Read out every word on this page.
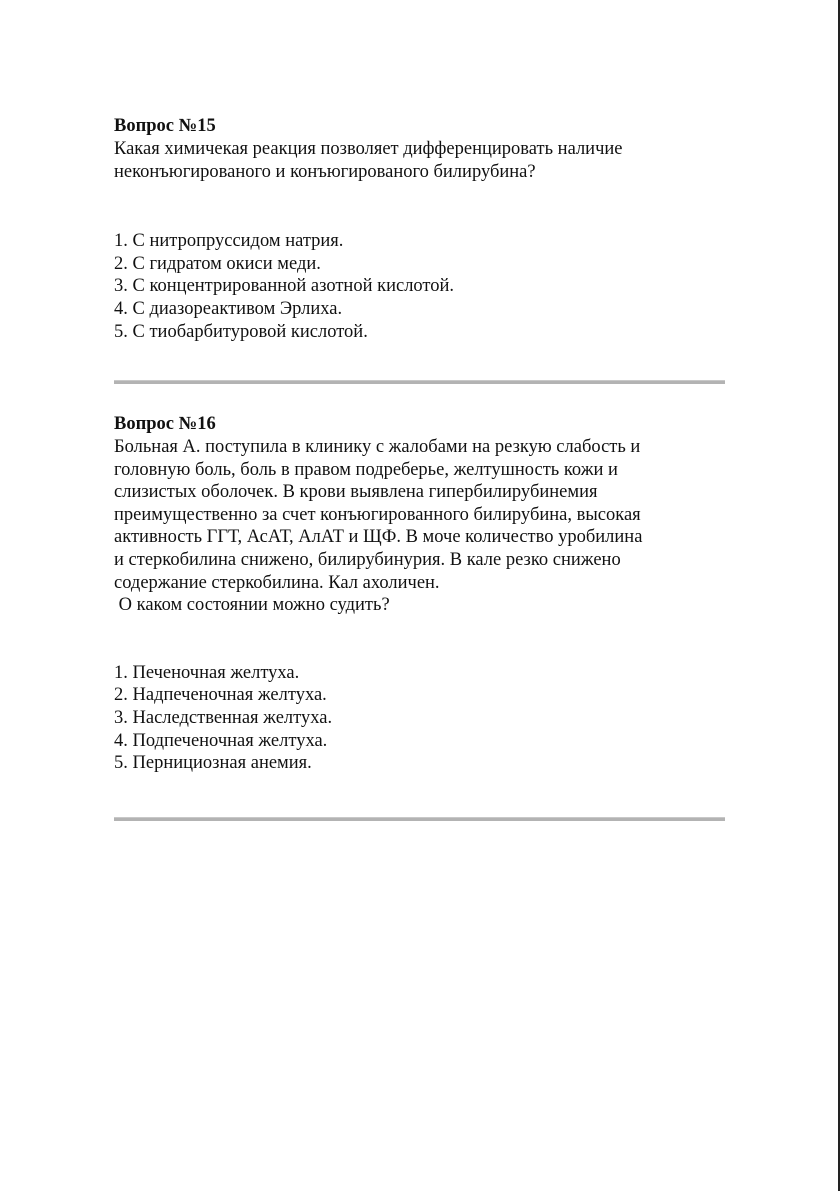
Вопрос №15

Какая химичекая реакция позволяет дифференцировать наличие
неконъюгированого и конъюгированого билирубина?

1. С нитропруссидом натрия.
2. С гидратом окиси меди.
3. С концентрированной азотной кислотой.
4. С диазореактивом Эрлиха.
5. С тиобарбитуровой кислотой.

Вопрос №16

Больная А. поступила в клинику с жалобами на резкую слабость и
головную боль, боль в правом подреберье, желтушность кожи и
слизистых оболочек. В крови выявлена гипербилирубинемия
преимущественно за счет конъюгированного билирубина, высокая
активность ГГТ, АсАТ, АлАТ и ЩФ. В моче количество уробилина
и стеркобилина снижено, билирубинурия. В кале резко снижено
содержание стеркобилина. Кал ахоличен.
О каком состоянии можно судить?

1. Печеночная желтуха.
2. Надпеченочная желтуха.
3. Наследственная желтуха.
4. Подпеченочная желтуха.
5. Пернициозная анемия.
